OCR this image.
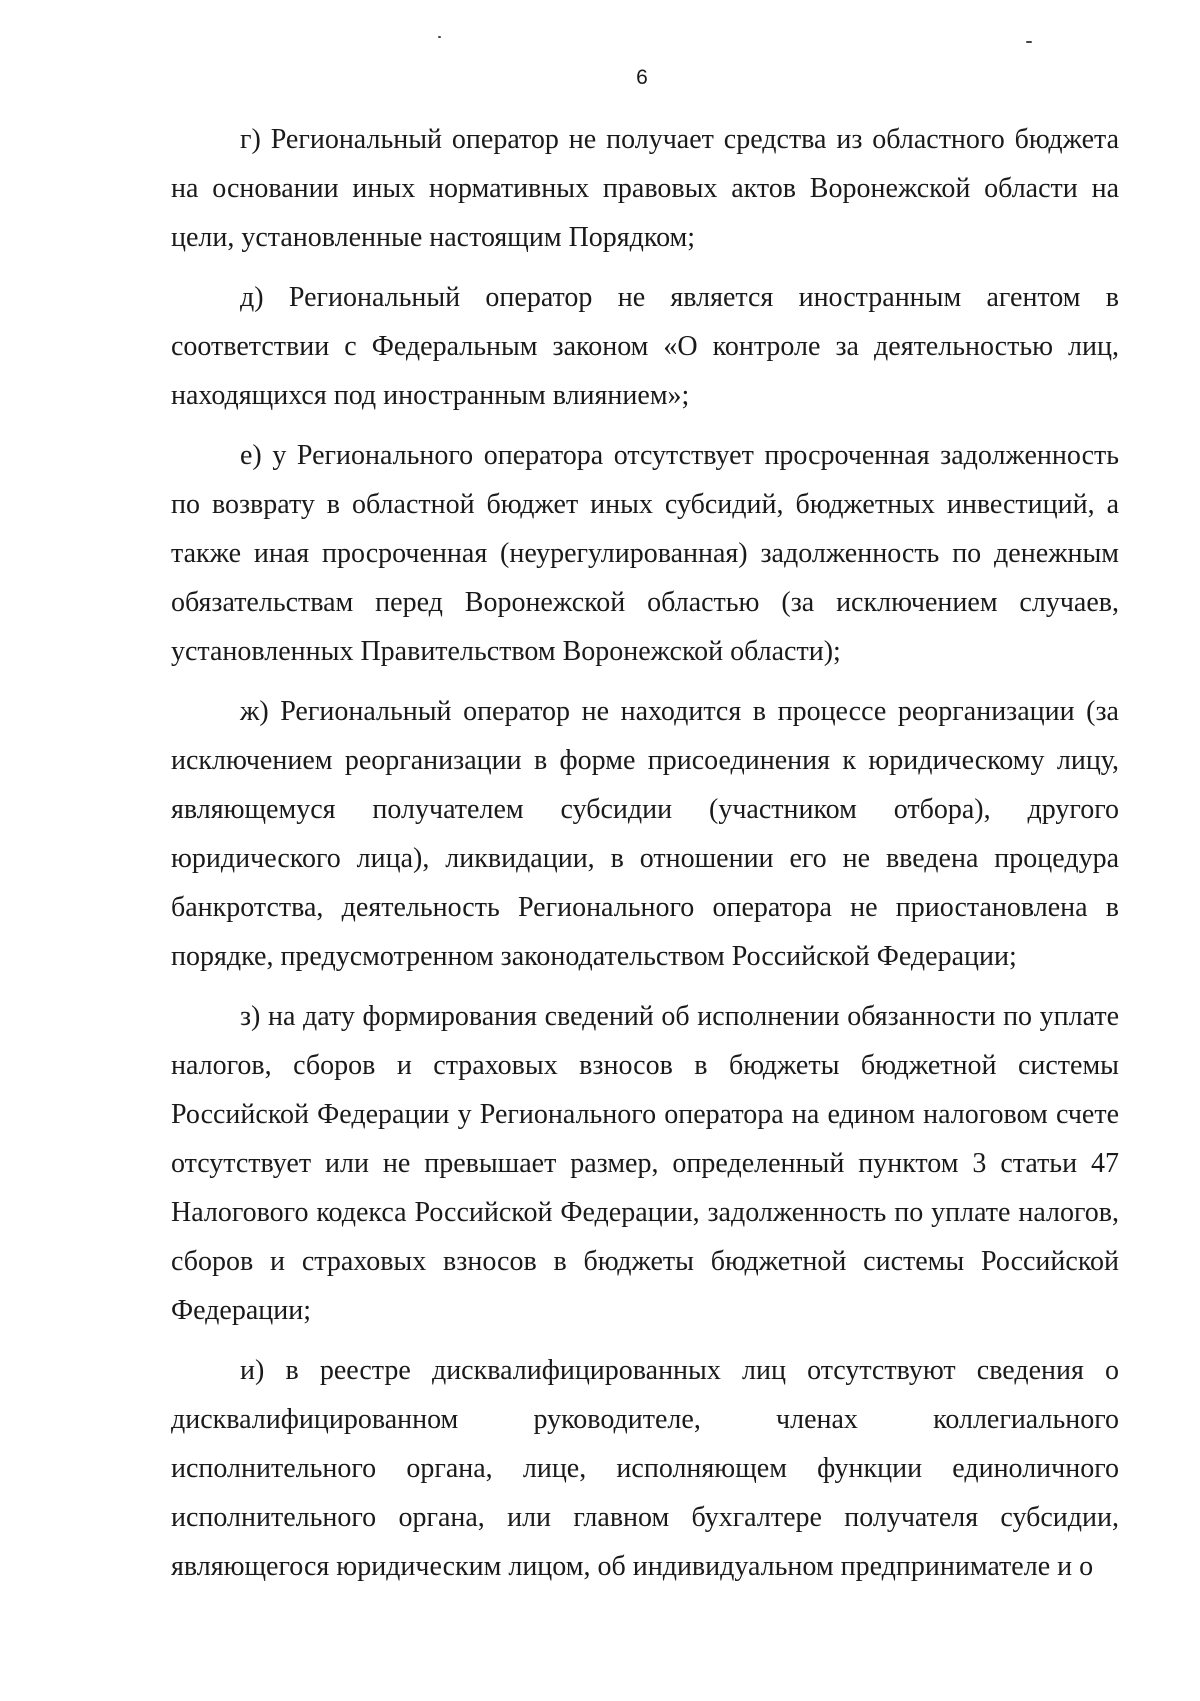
6

г) Региональный оператор не получает средства из областного бюджета на основании иных нормативных правовых актов Воронежской области на цели, установленные настоящим Порядком;

д) Региональный оператор не является иностранным агентом в соответствии с Федеральным законом «О контроле за деятельностью лиц, находящихся под иностранным влиянием»;

е) у Регионального оператора отсутствует просроченная задолженность по возврату в областной бюджет иных субсидий, бюджетных инвестиций, а также иная просроченная (неурегулированная) задолженность по денежным обязательствам перед Воронежской областью (за исключением случаев, установленных Правительством Воронежской области);

ж) Региональный оператор не находится в процессе реорганизации (за исключением реорганизации в форме присоединения к юридическому лицу, являющемуся получателем субсидии (участником отбора), другого юридического лица), ликвидации, в отношении его не введена процедура банкротства, деятельность Регионального оператора не приостановлена в порядке, предусмотренном законодательством Российской Федерации;

з) на дату формирования сведений об исполнении обязанности по уплате налогов, сборов и страховых взносов в бюджеты бюджетной системы Российской Федерации у Регионального оператора на едином налоговом счете отсутствует или не превышает размер, определенный пунктом 3 статьи 47 Налогового кодекса Российской Федерации, задолженность по уплате налогов, сборов и страховых взносов в бюджеты бюджетной системы Российской Федерации;

и) в реестре дисквалифицированных лиц отсутствуют сведения о дисквалифицированном руководителе, членах коллегиального исполнительного органа, лице, исполняющем функции единоличного исполнительного органа, или главном бухгалтере получателя субсидии, являющегося юридическим лицом, об индивидуальном предпринимателе и о
